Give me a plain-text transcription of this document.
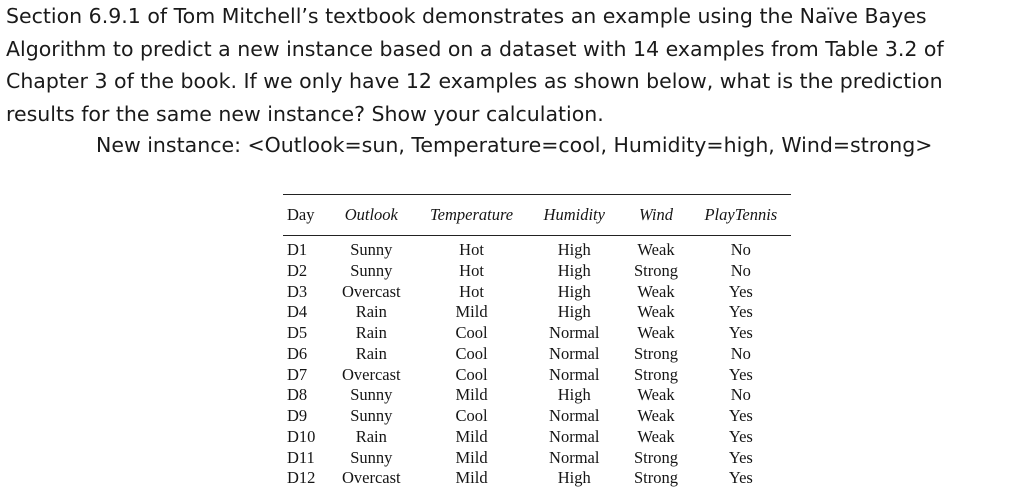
Section 6.9.1 of Tom Mitchell’s textbook demonstrates an example using the Naïve Bayes

Algorithm to predict a new instance based on a dataset with 14 examples from Table 3.2 of

Chapter 3 of the book. If we only have 12 examples as shown below, what is the prediction

results for the same new instance? Show your calculation.

New instance: <Outlook=sun, Temperature=cool, Humidity=high, Wind=strong>
Day	Outlook	Temperature	Humidity	Wind	PlayTennis
D1	Sunny	Hot	High	Weak	No
D2	Sunny	Hot	High	Strong	No
D3	Overcast	Hot	High	Weak	Yes
D4	Rain	Mild	High	Weak	Yes
D5	Rain	Cool	Normal	Weak	Yes
D6	Rain	Cool	Normal	Strong	No
D7	Overcast	Cool	Normal	Strong	Yes
D8	Sunny	Mild	High	Weak	No
D9	Sunny	Cool	Normal	Weak	Yes
D10	Rain	Mild	Normal	Weak	Yes
D11	Sunny	Mild	Normal	Strong	Yes
D12	Overcast	Mild	High	Strong	Yes
